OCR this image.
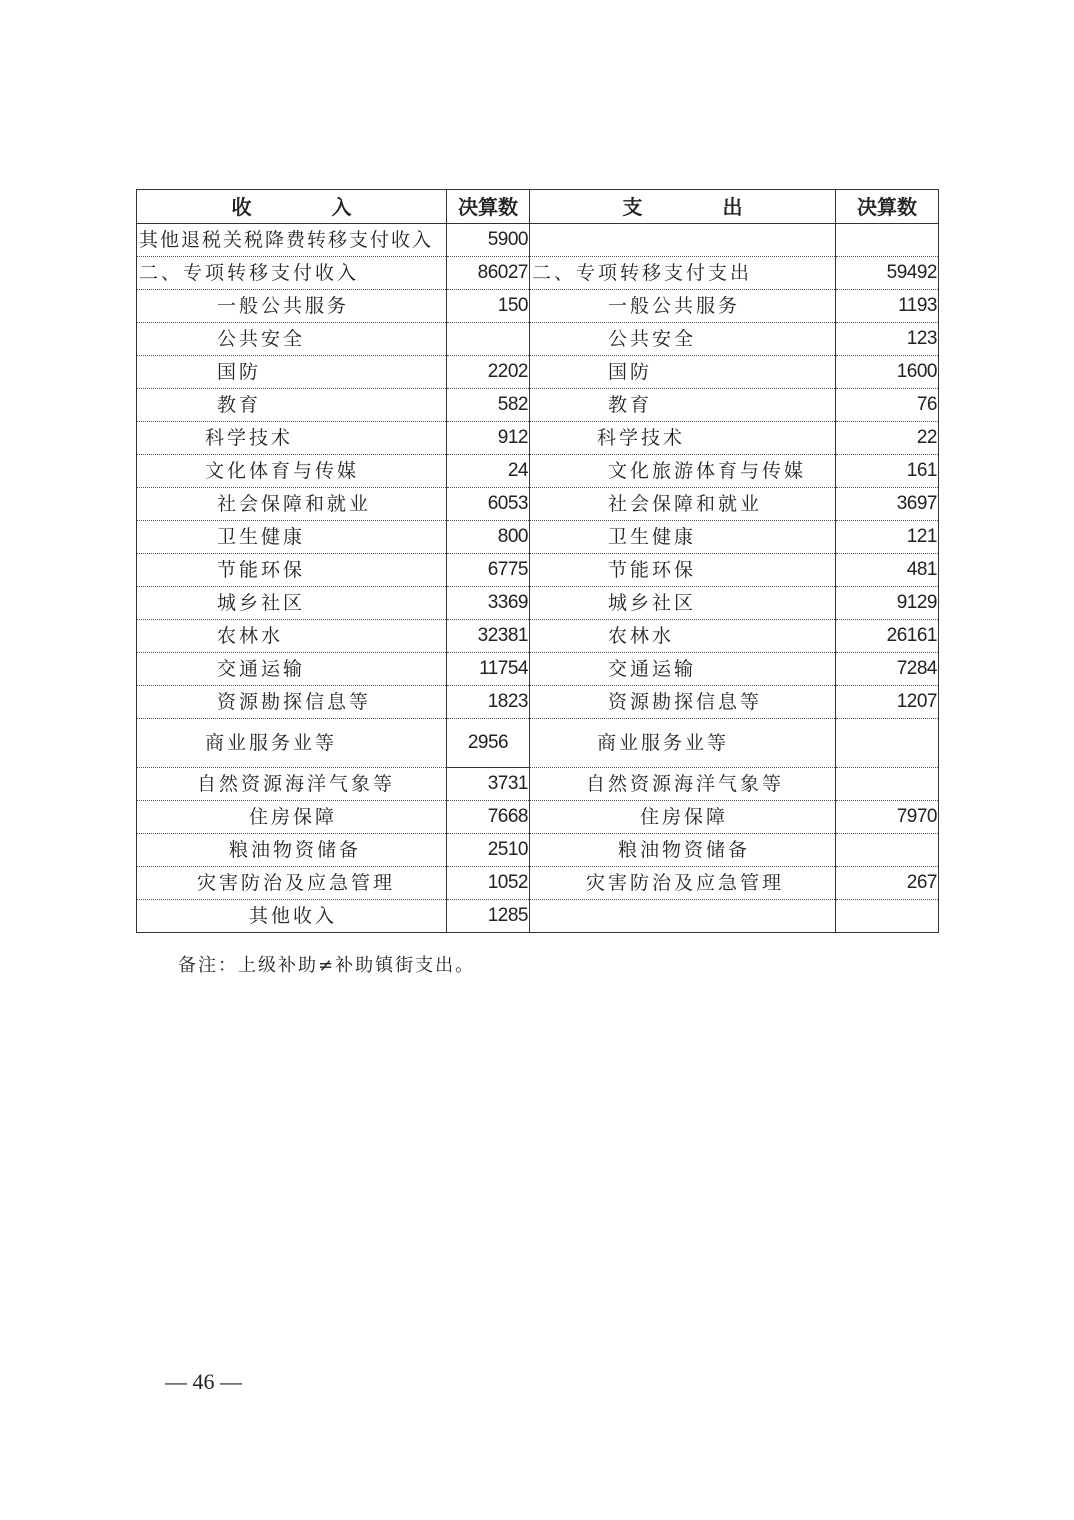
收　　　　入	决算数	支　　　　出	决算数
其他退税关税降费转移支付收入	5900		
二、专项转移支付收入	86027	二、专项转移支付支出	59492
一般公共服务	150	一般公共服务	1193
公共安全		公共安全	123
国防	2202	国防	1600
教育	582	教育	76
科学技术	912	科学技术	22
文化体育与传媒	24	文化旅游体育与传媒	161
社会保障和就业	6053	社会保障和就业	3697
卫生健康	800	卫生健康	121
节能环保	6775	节能环保	481
城乡社区	3369	城乡社区	9129
农林水	32381	农林水	26161
交通运输	11754	交通运输	7284
资源勘探信息等	1823	资源勘探信息等	1207
商业服务业等	2956	商业服务业等	
自然资源海洋气象等	3731	自然资源海洋气象等	
住房保障	7668	住房保障	7970
粮油物资储备	2510	粮油物资储备	
灾害防治及应急管理	1052	灾害防治及应急管理	267
其他收入	1285		
备注：上级补助≠补助镇街支出。
— 46 —
